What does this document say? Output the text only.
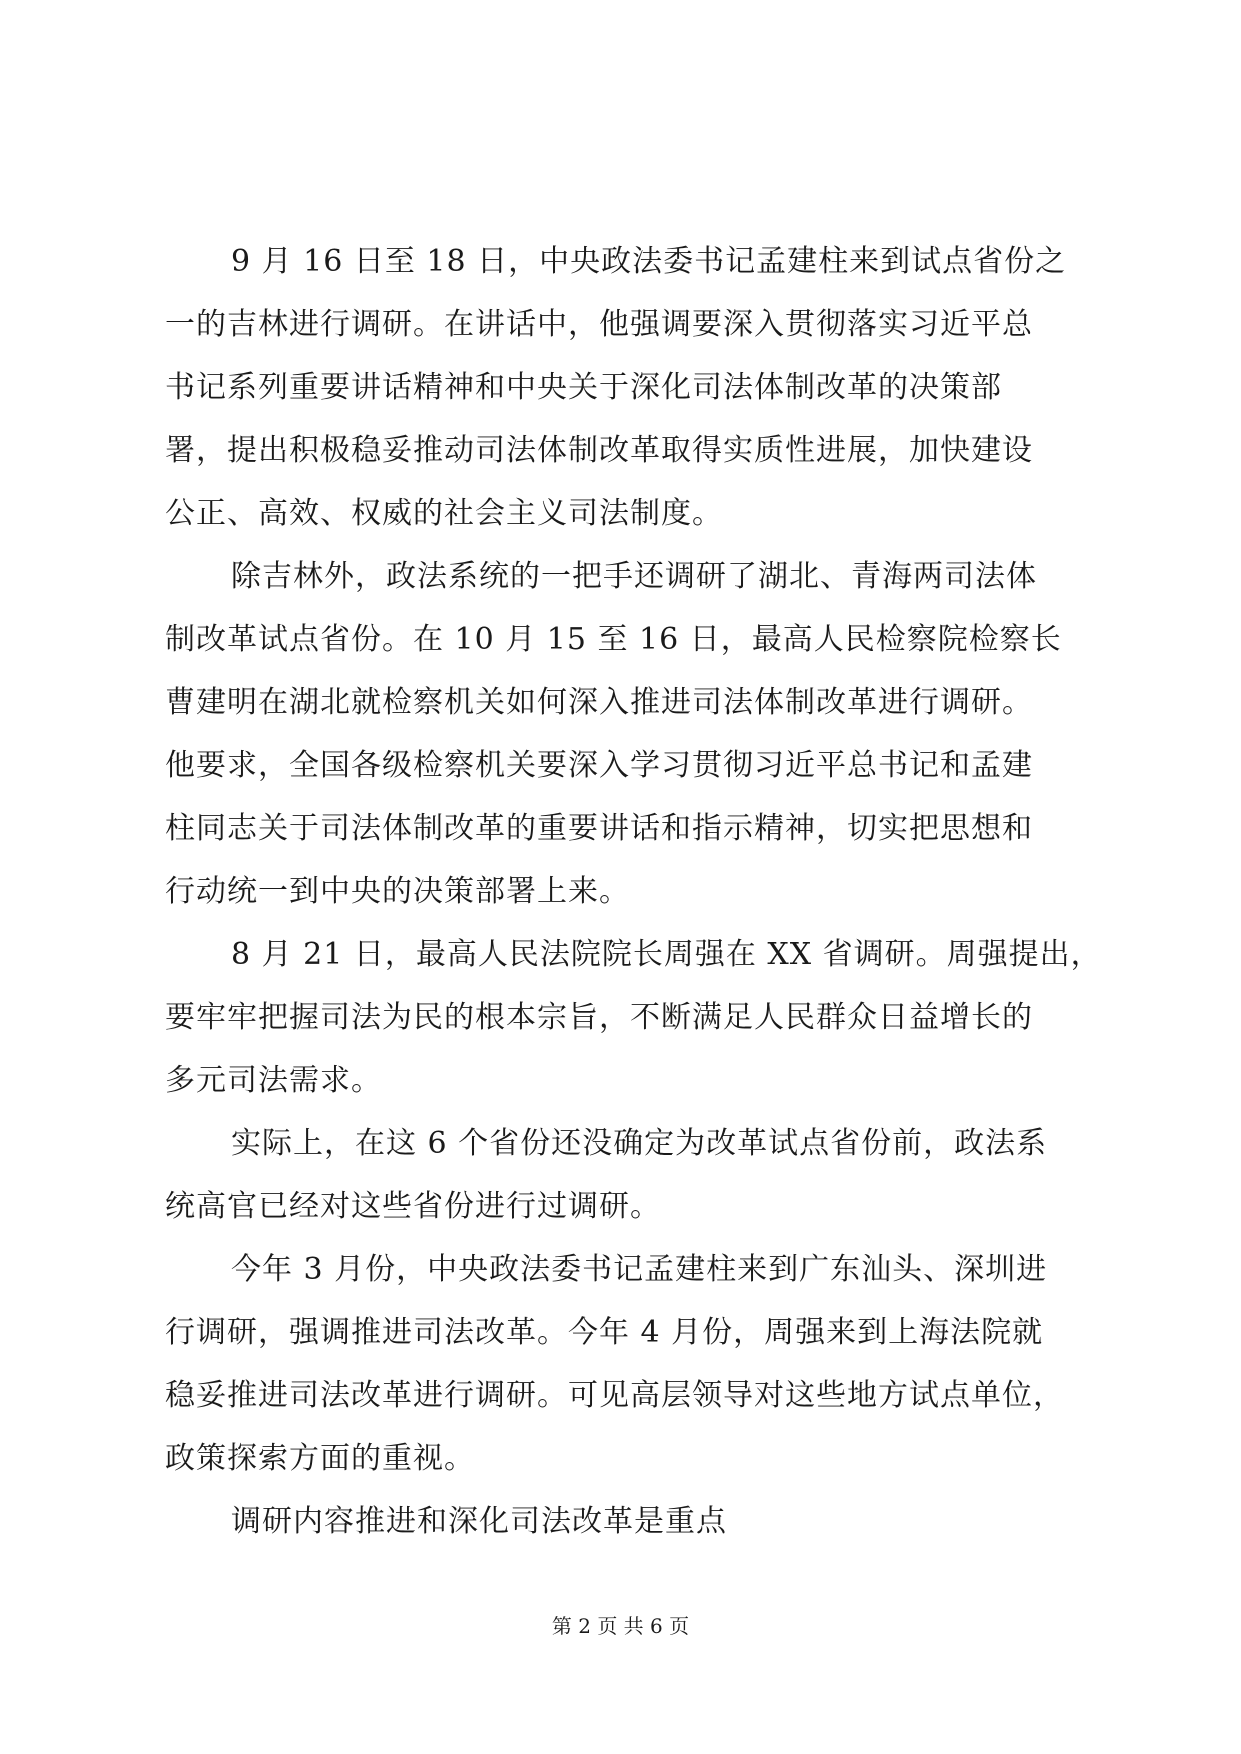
9 月 16 日至 18 日，中央政法委书记孟建柱来到试点省份之
一的吉林进行调研。在讲话中，他强调要深入贯彻落实习近平总
书记系列重要讲话精神和中央关于深化司法体制改革的决策部
署，提出积极稳妥推动司法体制改革取得实质性进展，加快建设
公正、高效、权威的社会主义司法制度。
除吉林外，政法系统的一把手还调研了湖北、青海两司法体
制改革试点省份。在 10 月 15 至 16 日，最高人民检察院检察长
曹建明在湖北就检察机关如何深入推进司法体制改革进行调研。
他要求，全国各级检察机关要深入学习贯彻习近平总书记和孟建
柱同志关于司法体制改革的重要讲话和指示精神，切实把思想和
行动统一到中央的决策部署上来。
8 月 21 日，最高人民法院院长周强在 XX 省调研。周强提出，
要牢牢把握司法为民的根本宗旨，不断满足人民群众日益增长的
多元司法需求。
实际上，在这 6 个省份还没确定为改革试点省份前，政法系
统高官已经对这些省份进行过调研。
今年 3 月份，中央政法委书记孟建柱来到广东汕头、深圳进
行调研，强调推进司法改革。今年 4 月份，周强来到上海法院就
稳妥推进司法改革进行调研。可见高层领导对这些地方试点单位，
政策探索方面的重视。
调研内容推进和深化司法改革是重点
第 2 页 共 6 页
